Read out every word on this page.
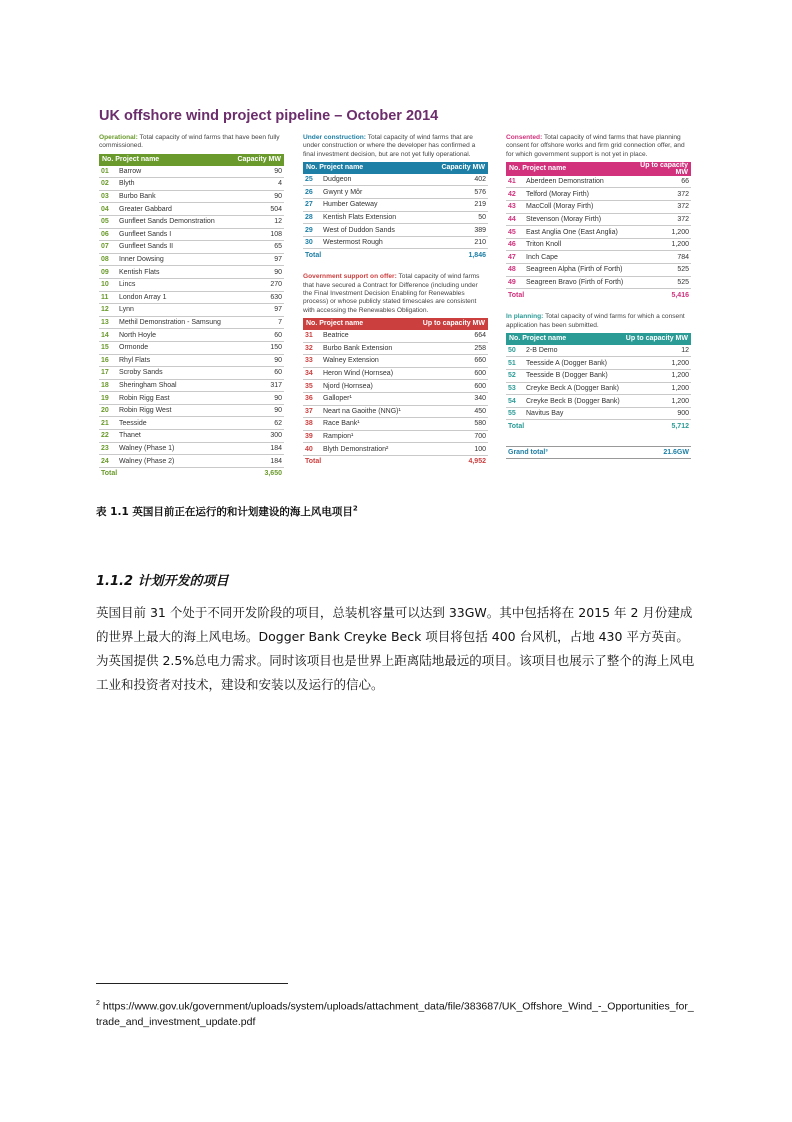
UK offshore wind project pipeline – October 2014

Operational: Total capacity of wind farms that have been fully commissioned.

No. Project name		Capacity MW
01	Barrow	90
02	Blyth	4
03	Burbo Bank	90
04	Greater Gabbard	504
05	Gunfleet Sands Demonstration	12
06	Gunfleet Sands I	108
07	Gunfleet Sands II	65
08	Inner Dowsing	97
09	Kentish Flats	90
10	Lincs	270
11	London Array 1	630
12	Lynn	97
13	Methil Demonstration - Samsung	7
14	North Hoyle	60
15	Ormonde	150
16	Rhyl Flats	90
17	Scroby Sands	60
18	Sheringham Shoal	317
19	Robin Rigg East	90
20	Robin Rigg West	90
21	Teesside	62
22	Thanet	300
23	Walney (Phase 1)	184
24	Walney (Phase 2)	184
Total		3,650

Under construction: Total capacity of wind farms that are under construction or where the developer has confirmed a final investment decision, but are not yet fully operational.

No. Project name		Capacity MW
25	Dudgeon	402
26	Gwynt y Môr	576
27	Humber Gateway	219
28	Kentish Flats Extension	50
29	West of Duddon Sands	389
30	Westermost Rough	210
Total		1,846

Government support on offer: Total capacity of wind farms that have secured a Contract for Difference (including under the Final Investment Decision Enabling for Renewables process) or whose publicly stated timescales are consistent with accessing the Renewables Obligation.

No. Project name		Up to capacity MW
31	Beatrice	664
32	Burbo Bank Extension	258
33	Walney Extension	660
34	Heron Wind (Hornsea)	600
35	Njord (Hornsea)	600
36	Galloper¹	340
37	Neart na Gaoithe (NNG)¹	450
38	Race Bank¹	580
39	Rampion¹	700
40	Blyth Demonstration²	100
Total		4,952

Consented: Total capacity of wind farms that have planning consent for offshore works and firm grid connection offer, and for which government support is not yet in place.

No. Project name		Up to capacity MW
41	Aberdeen Demonstration	66
42	Telford (Moray Firth)	372
43	MacColl (Moray Firth)	372
44	Stevenson (Moray Firth)	372
45	East Anglia One (East Anglia)	1,200
46	Triton Knoll	1,200
47	Inch Cape	784
48	Seagreen Alpha (Firth of Forth)	525
49	Seagreen Bravo (Firth of Forth)	525
Total		5,416

In planning: Total capacity of wind farms for which a consent application has been submitted.

No. Project name		Up to capacity MW
50	2-B Demo	12
51	Teesside A (Dogger Bank)	1,200
52	Teesside B (Dogger Bank)	1,200
53	Creyke Beck A (Dogger Bank)	1,200
54	Creyke Beck B (Dogger Bank)	1,200
55	Navitus Bay	900
Total		5,712
Grand total³	21.6GW
表 1.1 英国目前正在运行的和计划建设的海上风电项目$^2$
1.1.2 计划开发的项目

英国目前 31 个处于不同开发阶段的项目，总装机容量可以达到 33GW。其中包括将在 2015 年 2 月份建成的世界上最大的海上风电场。Dogger Bank Creyke Beck 项目将包括 400 台风机，占地 430 平方英亩。为英国提供 2.5%总电力需求。同时该项目也是世界上距离陆地最远的项目。该项目也展示了整个的海上风电工业和投资者对技术，建设和安装以及运行的信心。

$^2$ https://www.gov.uk/government/uploads/system/uploads/attachment_data/file/383687/UK_Offshore_Wind_-_Opportunities_for_trade_and_investment_update.pdf
